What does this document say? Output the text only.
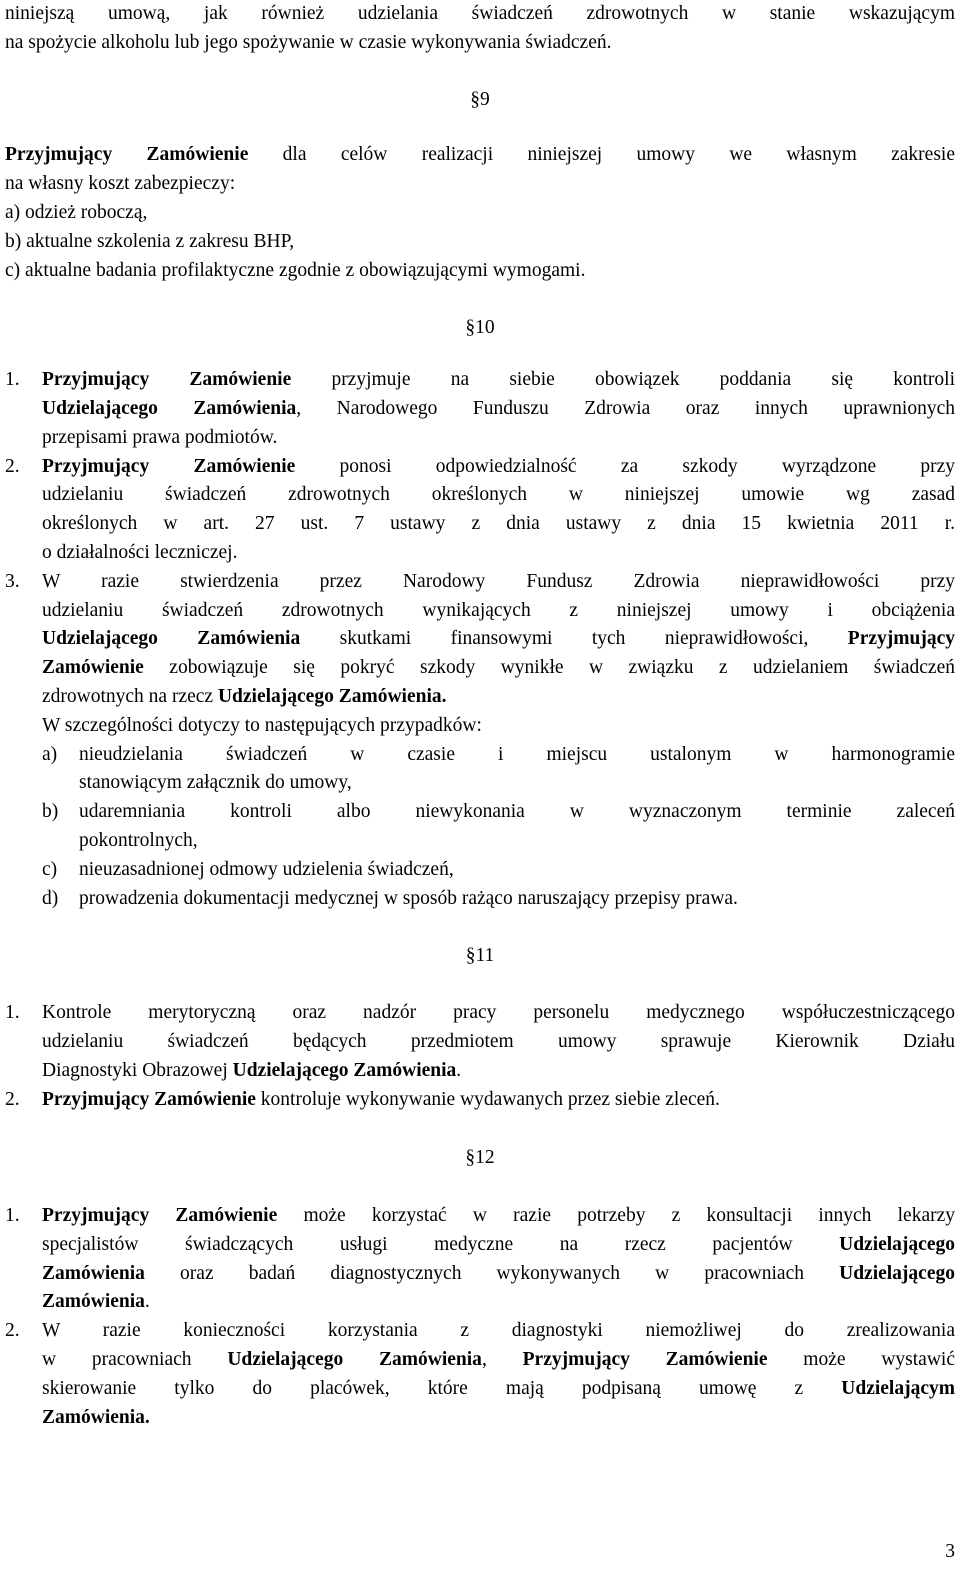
niniejszą umową, jak również udzielania świadczeń zdrowotnych w stanie wskazującym

na spożycie alkoholu lub jego spożywanie w czasie wykonywania świadczeń.

§9

Przyjmujący Zamówienie dla celów realizacji niniejszej umowy we własnym zakresie

na własny koszt zabezpieczy:

a) odzież roboczą,

b) aktualne szkolenia z zakresu BHP,

c) aktualne badania profilaktyczne zgodnie z obowiązującymi wymogami.

§10

1. Przyjmujący Zamówienie przyjmuje na siebie obowiązek poddania się kontroli

Udzielającego Zamówienia, Narodowego Funduszu Zdrowia oraz innych uprawnionych

przepisami prawa podmiotów.

2. Przyjmujący Zamówienie ponosi odpowiedzialność za szkody wyrządzone przy

udzielaniu świadczeń zdrowotnych określonych w niniejszej umowie wg zasad

określonych w art. 27 ust. 7 ustawy z dnia ustawy z dnia 15 kwietnia 2011 r.

o działalności leczniczej.

3. W razie stwierdzenia przez Narodowy Fundusz Zdrowia nieprawidłowości przy

udzielaniu świadczeń zdrowotnych wynikających z niniejszej umowy i obciążenia

Udzielającego Zamówienia skutkami finansowymi tych nieprawidłowości, Przyjmujący

Zamówienie zobowiązuje się pokryć szkody wynikłe w związku z udzielaniem świadczeń

zdrowotnych na rzecz Udzielającego Zamówienia.

W szczególności dotyczy to następujących przypadków:

a) nieudzielania świadczeń w czasie i miejscu ustalonym w harmonogramie

stanowiącym załącznik do umowy,

b) udaremniania kontroli albo niewykonania w wyznaczonym terminie zaleceń

pokontrolnych,

c) nieuzasadnionej odmowy udzielenia świadczeń,

d) prowadzenia dokumentacji medycznej w sposób rażąco naruszający przepisy prawa.

§11

1. Kontrole merytoryczną oraz nadzór pracy personelu medycznego współuczestniczącego

udzielaniu świadczeń będących przedmiotem umowy sprawuje Kierownik Działu

Diagnostyki Obrazowej Udzielającego Zamówienia.

2. Przyjmujący Zamówienie kontroluje wykonywanie wydawanych przez siebie zleceń.

§12

1. Przyjmujący Zamówienie może korzystać w razie potrzeby z konsultacji innych lekarzy

specjalistów świadczących usługi medyczne na rzecz pacjentów Udzielającego

Zamówienia oraz badań diagnostycznych wykonywanych w pracowniach Udzielającego

Zamówienia.

2. W razie konieczności korzystania z diagnostyki niemożliwej do zrealizowania

w pracowniach Udzielającego Zamówienia, Przyjmujący Zamówienie może wystawić

skierowanie tylko do placówek, które mają podpisaną umowę z Udzielającym

Zamówienia.

3
